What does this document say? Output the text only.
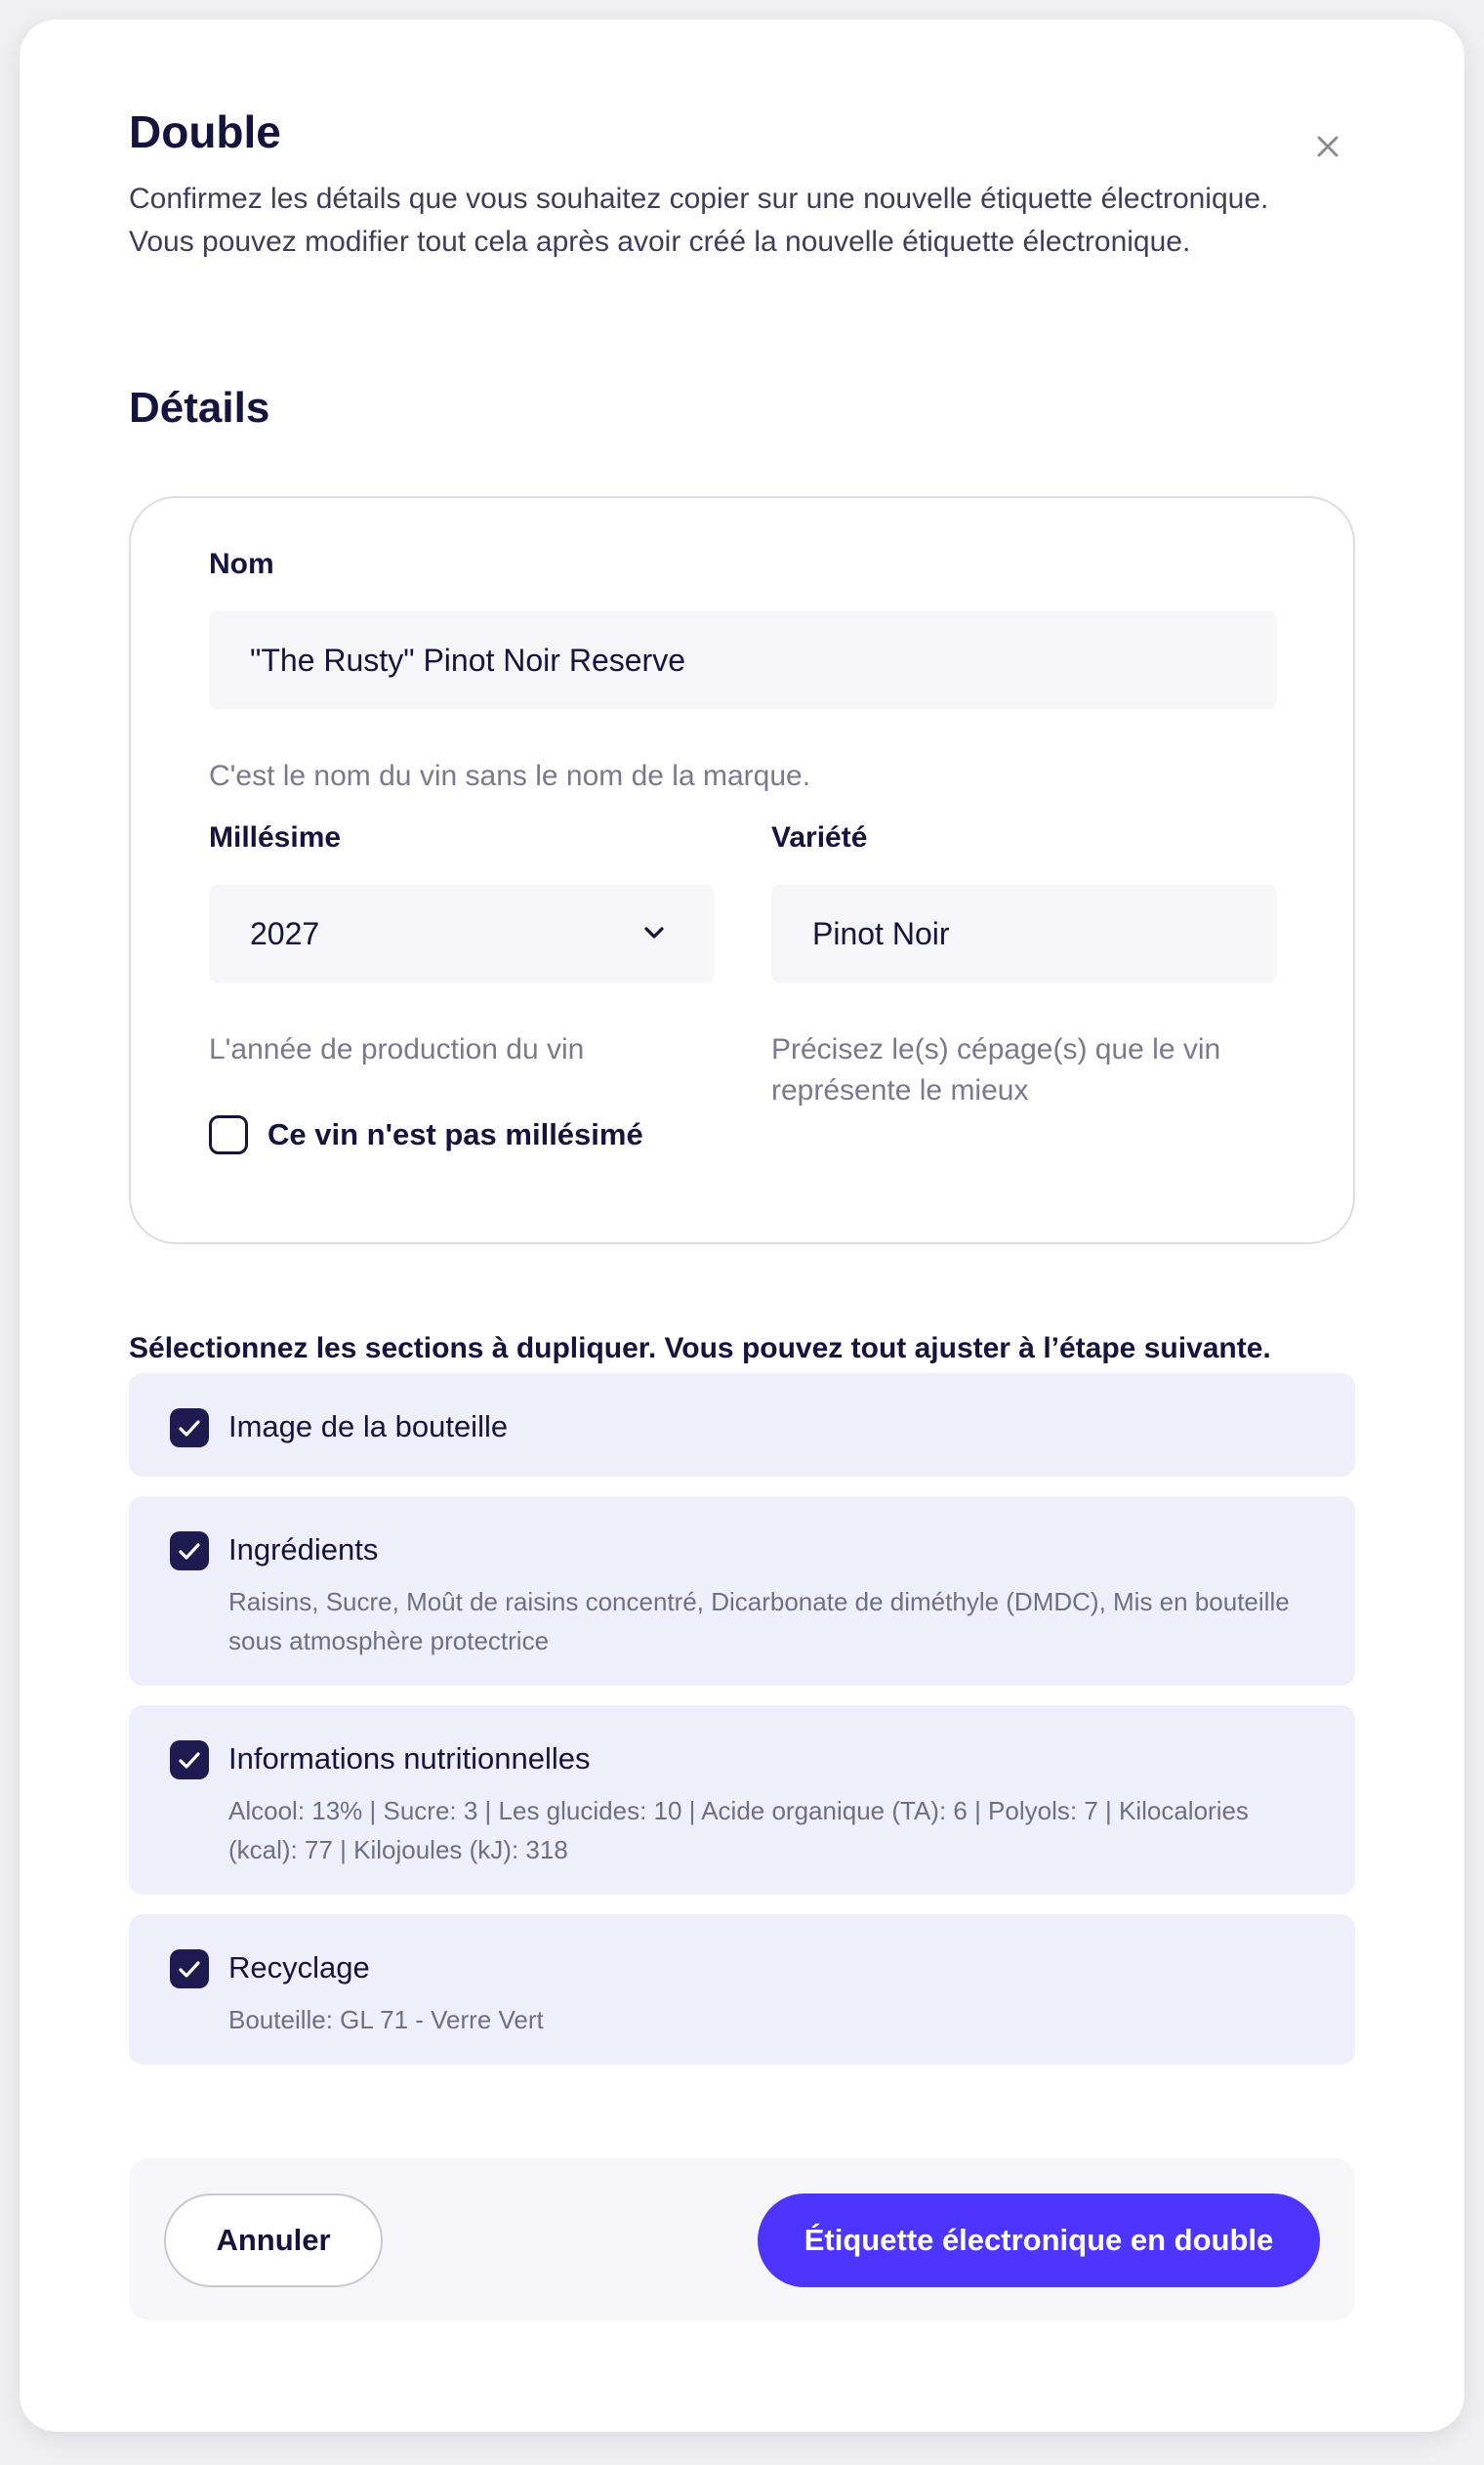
Double

Confirmez les détails que vous souhaitez copier sur une nouvelle étiquette électronique.

Vous pouvez modifier tout cela après avoir créé la nouvelle étiquette électronique.

Détails
Nom
"The Rusty" Pinot Noir Reserve
C'est le nom du vin sans le nom de la marque.
Millésime
2027
L'année de production du vin
Variété
Pinot Noir
Précisez le(s) cépage(s) que le vin représente le mieux
Ce vin n'est pas millésimé
Sélectionnez les sections à dupliquer. Vous pouvez tout ajuster à l’étape suivante.
Image de la bouteille
Ingrédients
Raisins, Sucre, Moût de raisins concentré, Dicarbonate de diméthyle (DMDC), Mis en bouteille sous atmosphère protectrice
Informations nutritionnelles
Alcool: 13% | Sucre: 3 | Les glucides: 10 | Acide organique (TA): 6 | Polyols: 7 | Kilocalories (kcal): 77 | Kilojoules (kJ): 318
Recyclage
Bouteille: GL 71 - Verre Vert
Annuler	Étiquette électronique en double
